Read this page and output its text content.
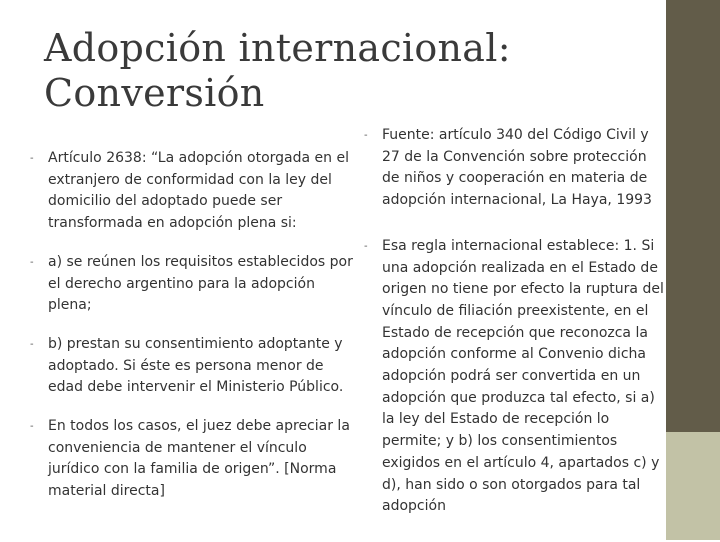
Adopción internacional:
Conversión

- Artículo 2638: “La adopción otorgada en el extranjero de conformidad con la ley del domicilio del adoptado puede ser transformada en adopción plena si:

- a) se reúnen los requisitos establecidos por el derecho argentino para la adopción plena;

- b) prestan su consentimiento adoptante y adoptado. Si éste es persona menor de edad debe intervenir el Ministerio Público.

- En todos los casos, el juez debe apreciar la conveniencia de mantener el vínculo jurídico con la familia de origen”. [Norma material directa]

- Fuente: artículo 340 del Código Civil y 27 de la Convención sobre protección de niños y cooperación en materia de adopción internacional, La Haya, 1993

- Esa regla internacional establece: 1. Si una adopción realizada en el Estado de origen no tiene por efecto la ruptura del vínculo de filiación preexistente, en el Estado de recepción que reconozca la adopción conforme al Convenio dicha adopción podrá ser convertida en un adopción que produzca tal efecto, si a) la ley del Estado de recepción lo permite; y b) los consentimientos exigidos en el artículo 4, apartados c) y d), han sido o son otorgados para tal adopción
